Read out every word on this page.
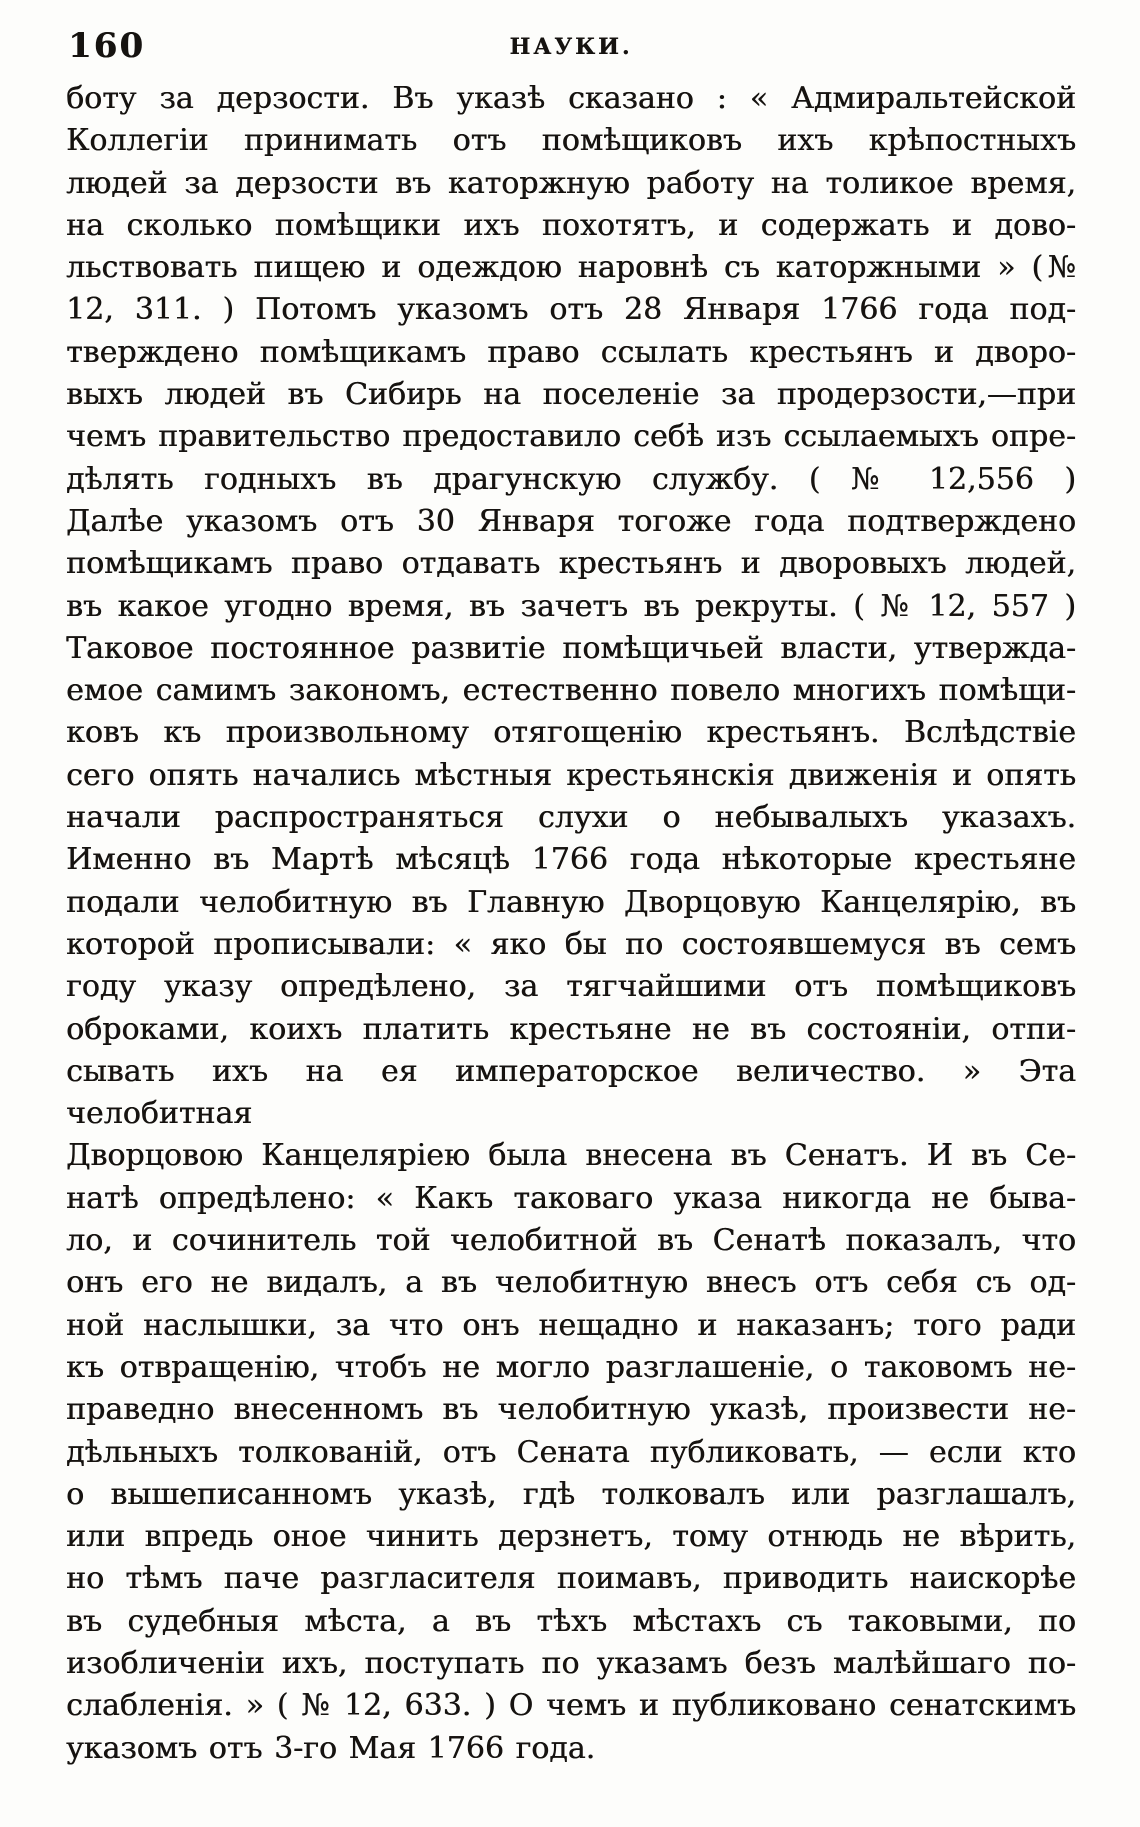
160	НАУКИ.
боту за дерзости. Въ указѣ сказано : « Адмиральтейской
Коллегіи принимать отъ помѣщиковъ ихъ крѣпостныхъ
людей за дерзости въ каторжную работу на толикое время,
на сколько помѣщики ихъ похотятъ, и содержать и дово-
льствовать пищею и одеждою наровнѣ съ каторжными » (№
12, 311. ) Потомъ указомъ отъ 28 Января 1766 года под-
тверждено помѣщикамъ право ссылать крестьянъ и дворо-
выхъ людей въ Сибирь на поселеніе за продерзости,—при
чемъ правительство предоставило себѣ изъ ссылаемыхъ опре-
дѣлять годныхъ въ драгунскую службу. ( № 12,556 )
Далѣе указомъ отъ 30 Января тогоже года подтверждено
помѣщикамъ право отдавать крестьянъ и дворовыхъ людей,
въ какое угодно время, въ зачетъ въ рекруты. ( № 12, 557 )
Таковое постоянное развитіе помѣщичьей власти, утвержда-
емое самимъ закономъ, естественно повело многихъ помѣщи-
ковъ къ произвольному отягощенію крестьянъ. Вслѣдствіе
сего опять начались мѣстныя крестьянскія движенія и опять
начали распространяться слухи о небывалыхъ указахъ.
Именно въ Мартѣ мѣсяцѣ 1766 года нѣкоторые крестьяне
подали челобитную въ Главную Дворцовую Канцелярію, въ
которой прописывали: « яко бы по состоявшемуся въ семъ
году указу опредѣлено, за тягчайшими отъ помѣщиковъ
оброками, коихъ платить крестьяне не въ состояніи, отпи-
сывать ихъ на ея императорское величество. » Эта челобитная
Дворцовою Канцеляріею была внесена въ Сенатъ. И въ Се-
натѣ опредѣлено: « Какъ таковаго указа никогда не быва-
ло, и сочинитель той челобитной въ Сенатѣ показалъ, что
онъ его не видалъ, а въ челобитную внесъ отъ себя съ од-
ной наслышки, за что онъ нещадно и наказанъ; того ради
къ отвращенію, чтобъ не могло разглашеніе, о таковомъ не-
праведно внесенномъ въ челобитную указѣ, произвести не-
дѣльныхъ толкованій, отъ Сената публиковать, — если кто
о вышеписанномъ указѣ, гдѣ толковалъ или разглашалъ,
или впредь оное чинить дерзнетъ, тому отнюдь не вѣрить,
но тѣмъ паче разгласителя поимавъ, приводить наискорѣе
въ судебныя мѣста, а въ тѣхъ мѣстахъ съ таковыми, по
изобличеніи ихъ, поступать по указамъ безъ малѣйшаго по-
слабленія. » ( № 12, 633. ) О чемъ и публиковано сенатскимъ
указомъ отъ 3-го Мая 1766 года.
